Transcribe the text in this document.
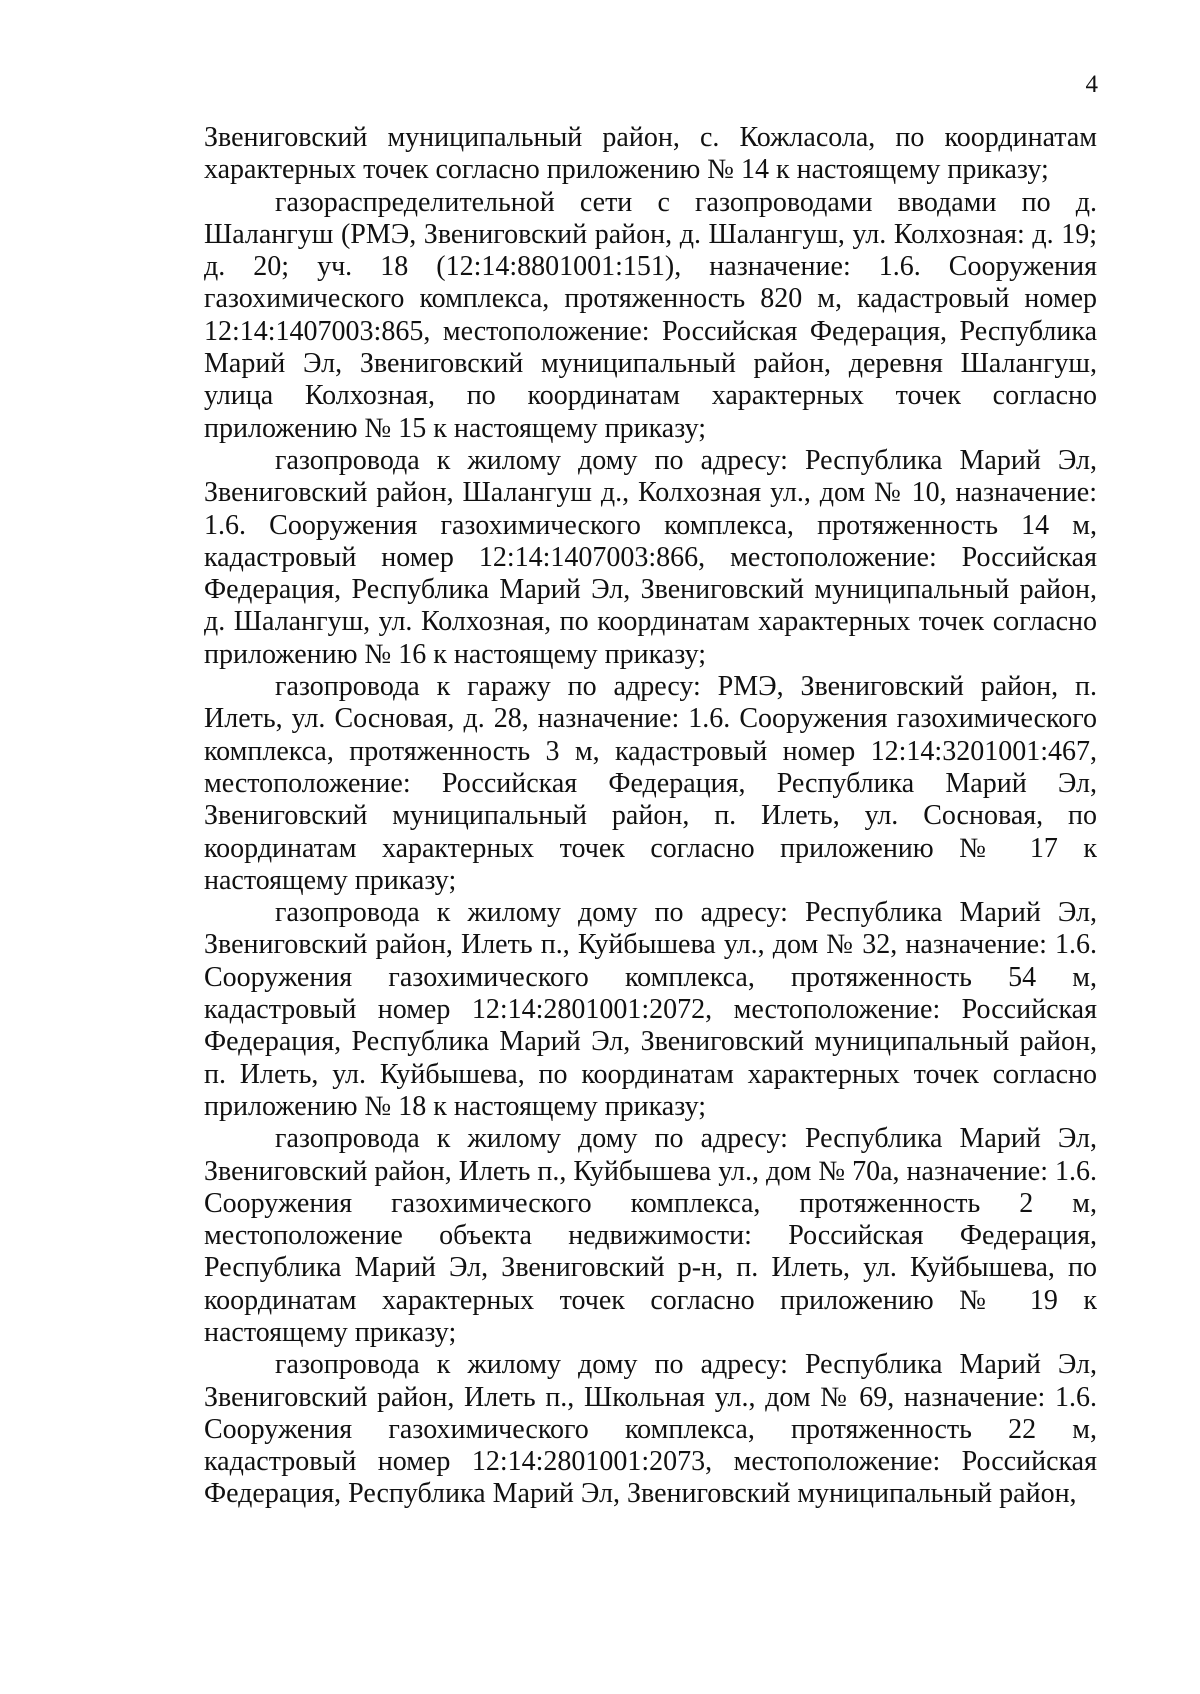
4

Звениговский муниципальный район, с. Кожласола, по координатам характерных точек согласно приложению № 14 к настоящему приказу;

газораспределительной сети с газопроводами вводами по д. Шалангуш (РМЭ, Звениговский район, д. Шалангуш, ул. Колхозная: д. 19; д. 20; уч. 18 (12:14:8801001:151), назначение: 1.6. Сооружения газохимического комплекса, протяженность 820 м, кадастровый номер 12:14:1407003:865, местоположение: Российская Федерация, Республика Марий Эл, Звениговский муниципальный район, деревня Шалангуш, улица Колхозная, по координатам характерных точек согласно приложению № 15 к настоящему приказу;

газопровода к жилому дому по адресу: Республика Марий Эл, Звениговский район, Шалангуш д., Колхозная ул., дом № 10, назначение: 1.6. Сооружения газохимического комплекса, протяженность 14 м, кадастровый номер 12:14:1407003:866, местоположение: Российская Федерация, Республика Марий Эл, Звениговский муниципальный район, д. Шалангуш, ул. Колхозная, по координатам характерных точек согласно приложению № 16 к настоящему приказу;

газопровода к гаражу по адресу: РМЭ, Звениговский район, п. Илеть, ул. Сосновая, д. 28, назначение: 1.6. Сооружения газохимического комплекса, протяженность 3 м, кадастровый номер 12:14:3201001:467, местоположение: Российская Федерация, Республика Марий Эл, Звениговский муниципальный район, п. Илеть, ул. Сосновая, по координатам характерных точек согласно приложению № 17 к настоящему приказу;

газопровода к жилому дому по адресу: Республика Марий Эл, Звениговский район, Илеть п., Куйбышева ул., дом № 32, назначение: 1.6. Сооружения газохимического комплекса, протяженность 54 м, кадастровый номер 12:14:2801001:2072, местоположение: Российская Федерация, Республика Марий Эл, Звениговский муниципальный район, п. Илеть, ул. Куйбышева, по координатам характерных точек согласно приложению № 18 к настоящему приказу;

газопровода к жилому дому по адресу: Республика Марий Эл, Звениговский район, Илеть п., Куйбышева ул., дом № 70а, назначение: 1.6. Сооружения газохимического комплекса, протяженность 2 м, местоположение объекта недвижимости: Российская Федерация, Республика Марий Эл, Звениговский р-н, п. Илеть, ул. Куйбышева, по координатам характерных точек согласно приложению № 19 к настоящему приказу;

газопровода к жилому дому по адресу: Республика Марий Эл, Звениговский район, Илеть п., Школьная ул., дом № 69, назначение: 1.6. Сооружения газохимического комплекса, протяженность 22 м, кадастровый номер 12:14:2801001:2073, местоположение: Российская Федерация, Республика Марий Эл, Звениговский муниципальный район,
